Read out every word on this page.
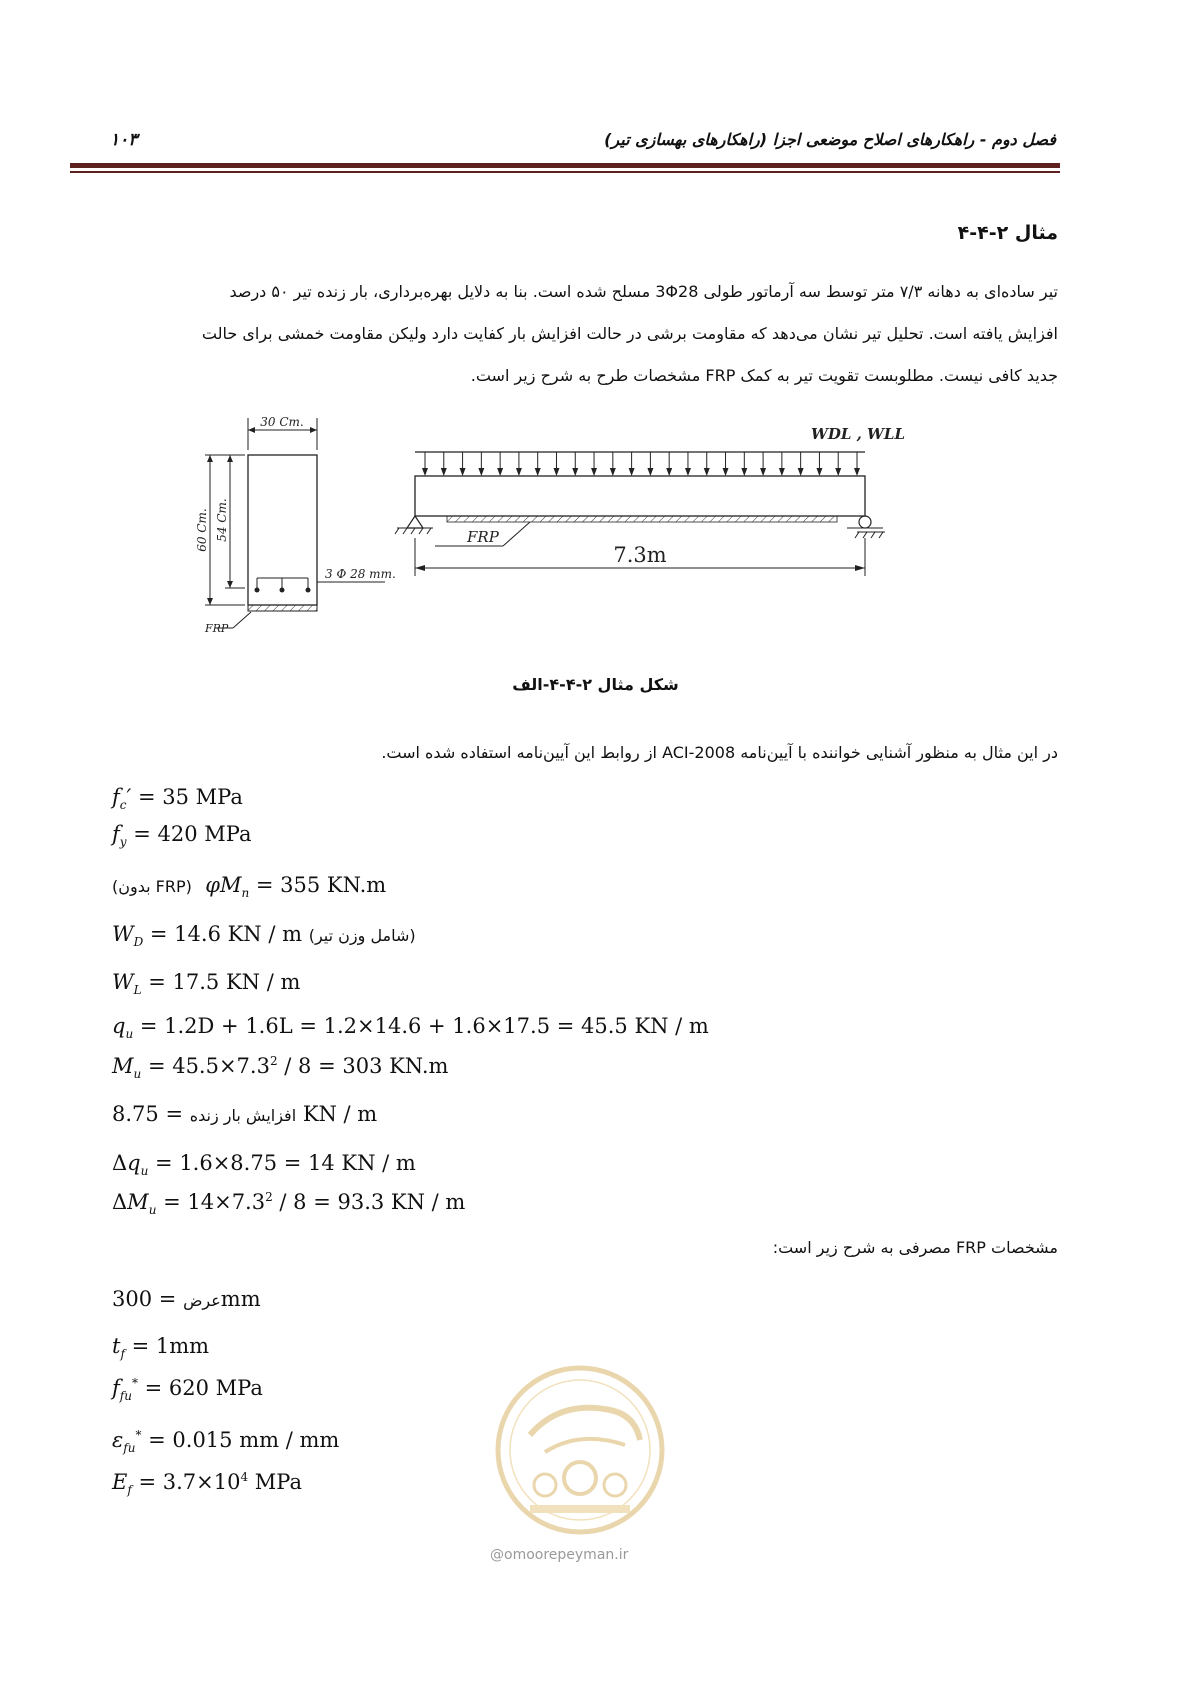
فصل دوم - راهکارهای اصلاح موضعی اجزا (راهکارهای بهسازی تیر)
۱۰۳
مثال ۲-۴-۴
تیر ساده‌ای به دهانه ۷/۳ متر توسط سه آرماتور طولی 3Φ28 مسلح شده است. بنا به دلایل بهره‌برداری، بار زنده تیر ۵۰ درصد
افزایش یافته است. تحلیل تیر نشان می‌دهد که مقاومت برشی در حالت افزایش بار کفایت دارد ولیکن مقاومت خمشی برای حالت
جدید کافی نیست. مطلوبست تقویت تیر به کمک FRP مشخصات طرح به شرح زیر است.
30 Cm.
60 Cm. 54 Cm.
3 Φ 28 mm.
FRP
WDL , WLL
FRP
7.3m
شکل مثال ۲-۴-۴-الف
در این مثال به منظور آشنایی خواننده با آیین‌نامه ACI-2008 از روابط این آیین‌نامه استفاده شده است.
$f_c' = 35$ MPa
$f_y = 420$ MPa
(بدون FRP)  $\varphi M_n = 355$ KN.m
$W_D = 14.6$ KN / m (شامل وزن تیر)
$W_L = 17.5$ KN / m
$q_u = 1.2D + 1.6L = 1.2\times 14.6 + 1.6\times 17.5 = 45.5$ KN / m
$M_u = 45.5\times 7.3^2 / 8 = 303$ KN.m
افزایش بار زنده = 8.75 KN / m
$\Delta q_u = 1.6\times 8.75 = 14$ KN / m
$\Delta M_u = 14\times 7.3^2 / 8 = 93.3$ KN / m
مشخصات FRP مصرفی به شرح زیر است:
عرض = 300mm
$t_f = 1mm$
$f_{fu}^* = 620$ MPa
$\varepsilon_{fu}^* = 0.015$ mm / mm
$E_f = 3.7\times 10^4$ MPa
@omoorepeyman.ir
